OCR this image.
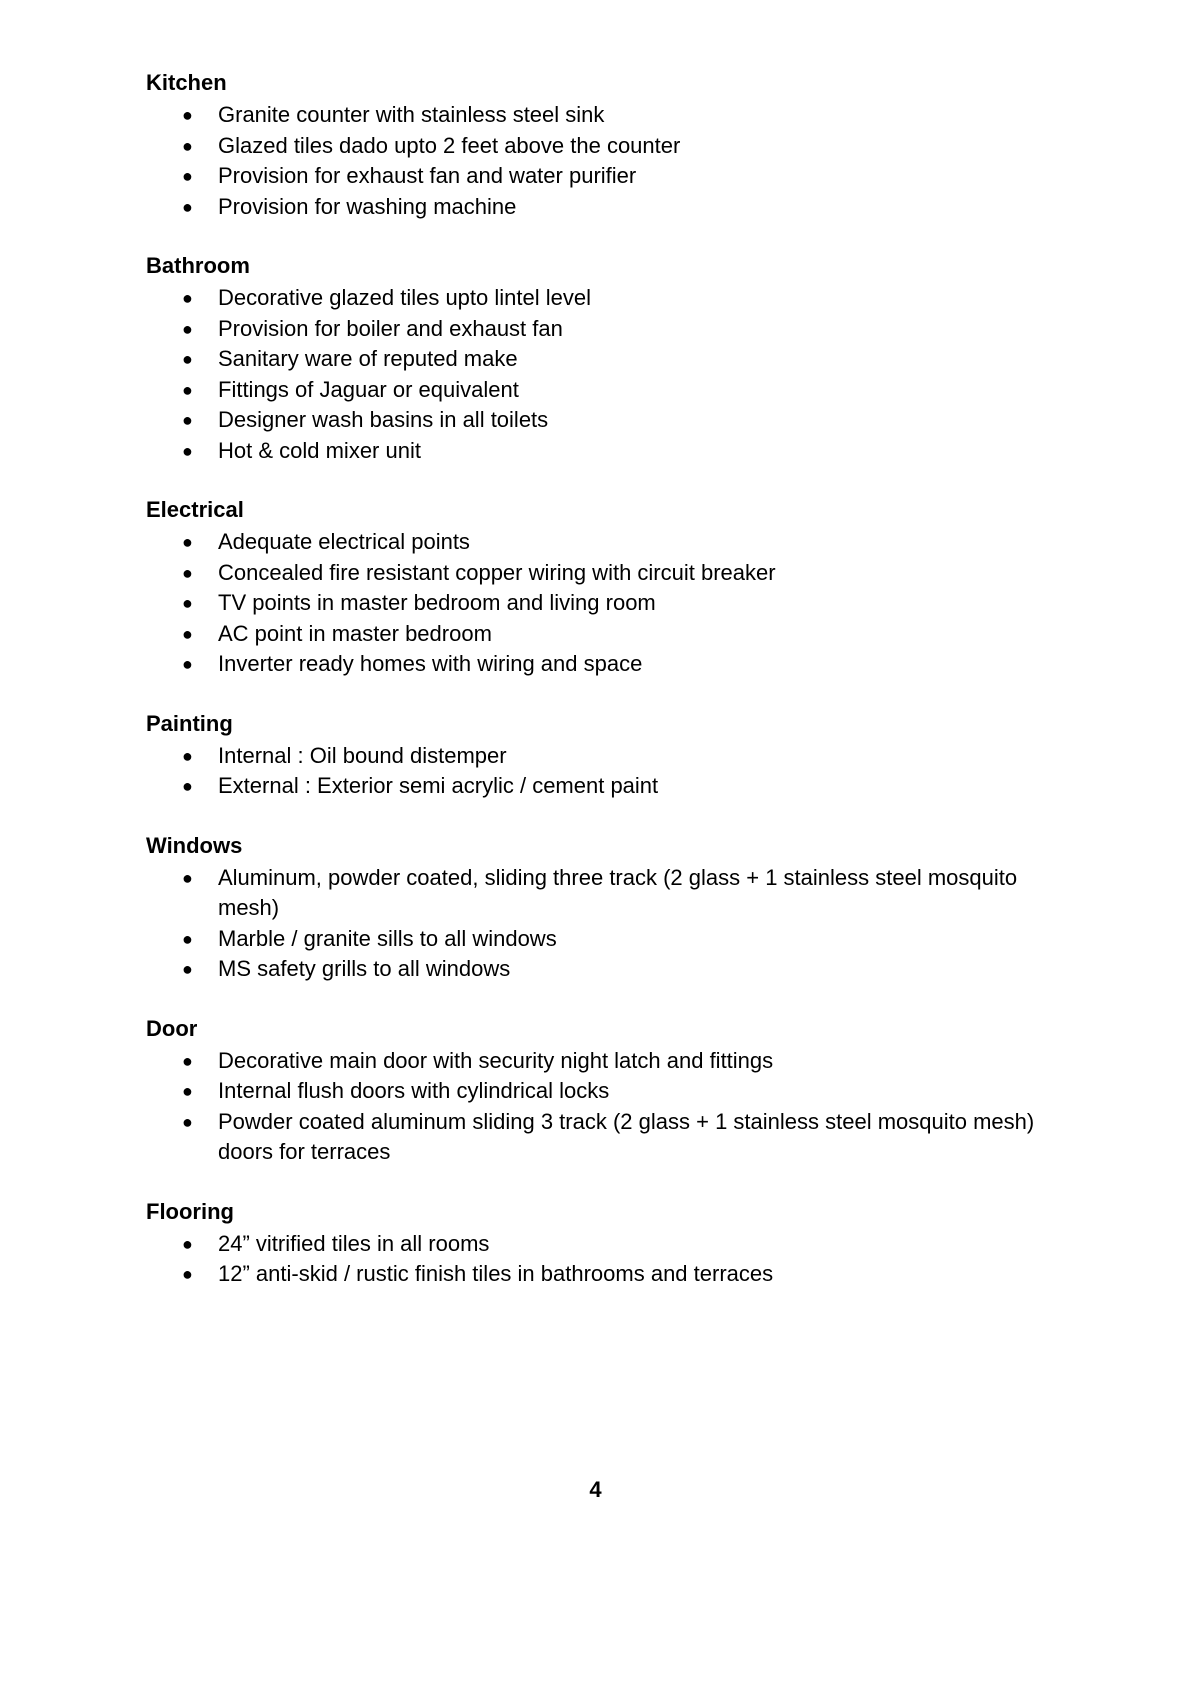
Kitchen
● Granite counter with stainless steel sink
● Glazed tiles dado upto 2 feet above the counter
● Provision for exhaust fan and water purifier
● Provision for washing machine
Bathroom
● Decorative glazed tiles upto lintel level
● Provision for boiler and exhaust fan
● Sanitary ware of reputed make
● Fittings of Jaguar or equivalent
● Designer wash basins in all toilets
● Hot & cold mixer unit
Electrical
● Adequate electrical points
● Concealed fire resistant copper wiring with circuit breaker
● TV points in master bedroom and living room
● AC point in master bedroom
● Inverter ready homes with wiring and space
Painting
● Internal : Oil bound distemper
● External : Exterior semi acrylic / cement paint
Windows
● Aluminum, powder coated, sliding three track (2 glass + 1 stainless steel mosquito mesh)
● Marble / granite sills to all windows
● MS safety grills to all windows
Door
● Decorative main door with security night latch and fittings
● Internal flush doors with cylindrical locks
● Powder coated aluminum sliding 3 track (2 glass + 1 stainless steel mosquito mesh) doors for terraces
Flooring
● 24” vitrified tiles in all rooms
● 12” anti-skid / rustic finish tiles in bathrooms and terraces
4
